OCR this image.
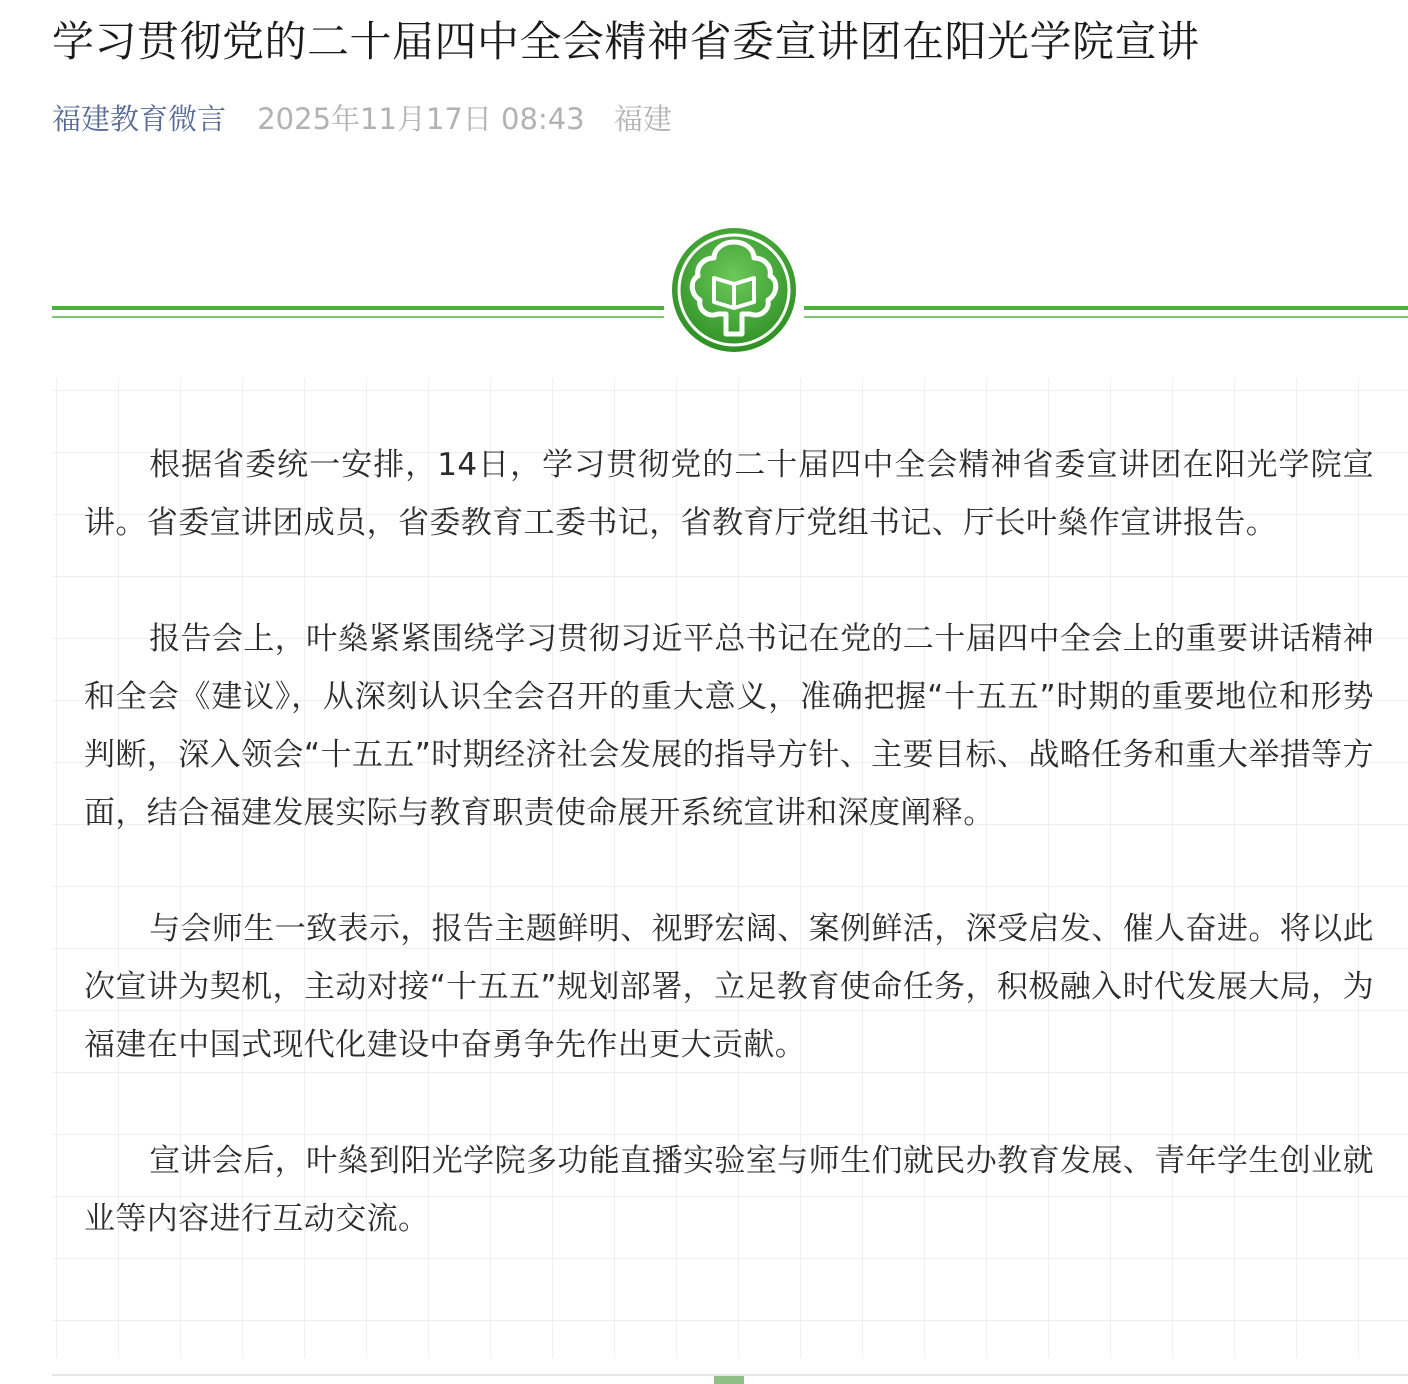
学习贯彻党的二十届四中全会精神省委宣讲团在阳光学院宣讲
福建教育微言 2025年11月17日 08:43 福建

根据省委统一安排，14日，学习贯彻党的二十届四中全会精神省委宣讲团在阳光学院宣讲。省委宣讲团成员，省委教育工委书记，省教育厅党组书记、厅长叶燊作宣讲报告。

报告会上，叶燊紧紧围绕学习贯彻习近平总书记在党的二十届四中全会上的重要讲话精神和全会《建议》，从深刻认识全会召开的重大意义，准确把握“十五五”时期的重要地位和形势判断，深入领会“十五五”时期经济社会发展的指导方针、主要目标、战略任务和重大举措等方面，结合福建发展实际与教育职责使命展开系统宣讲和深度阐释。

与会师生一致表示，报告主题鲜明、视野宏阔、案例鲜活，深受启发、催人奋进。将以此次宣讲为契机，主动对接“十五五”规划部署，立足教育使命任务，积极融入时代发展大局，为福建在中国式现代化建设中奋勇争先作出更大贡献。

宣讲会后，叶燊到阳光学院多功能直播实验室与师生们就民办教育发展、青年学生创业就业等内容进行互动交流。
